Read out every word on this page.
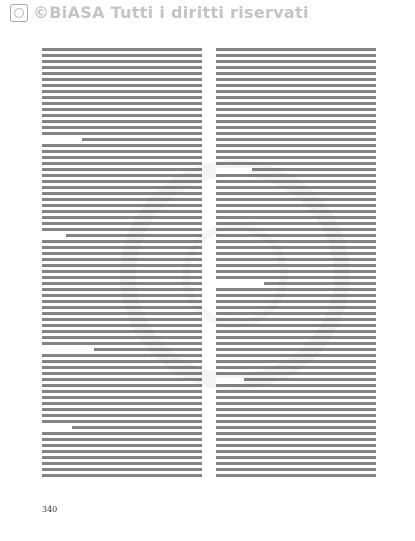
©BiASA Tutti i diritti riservati

340
